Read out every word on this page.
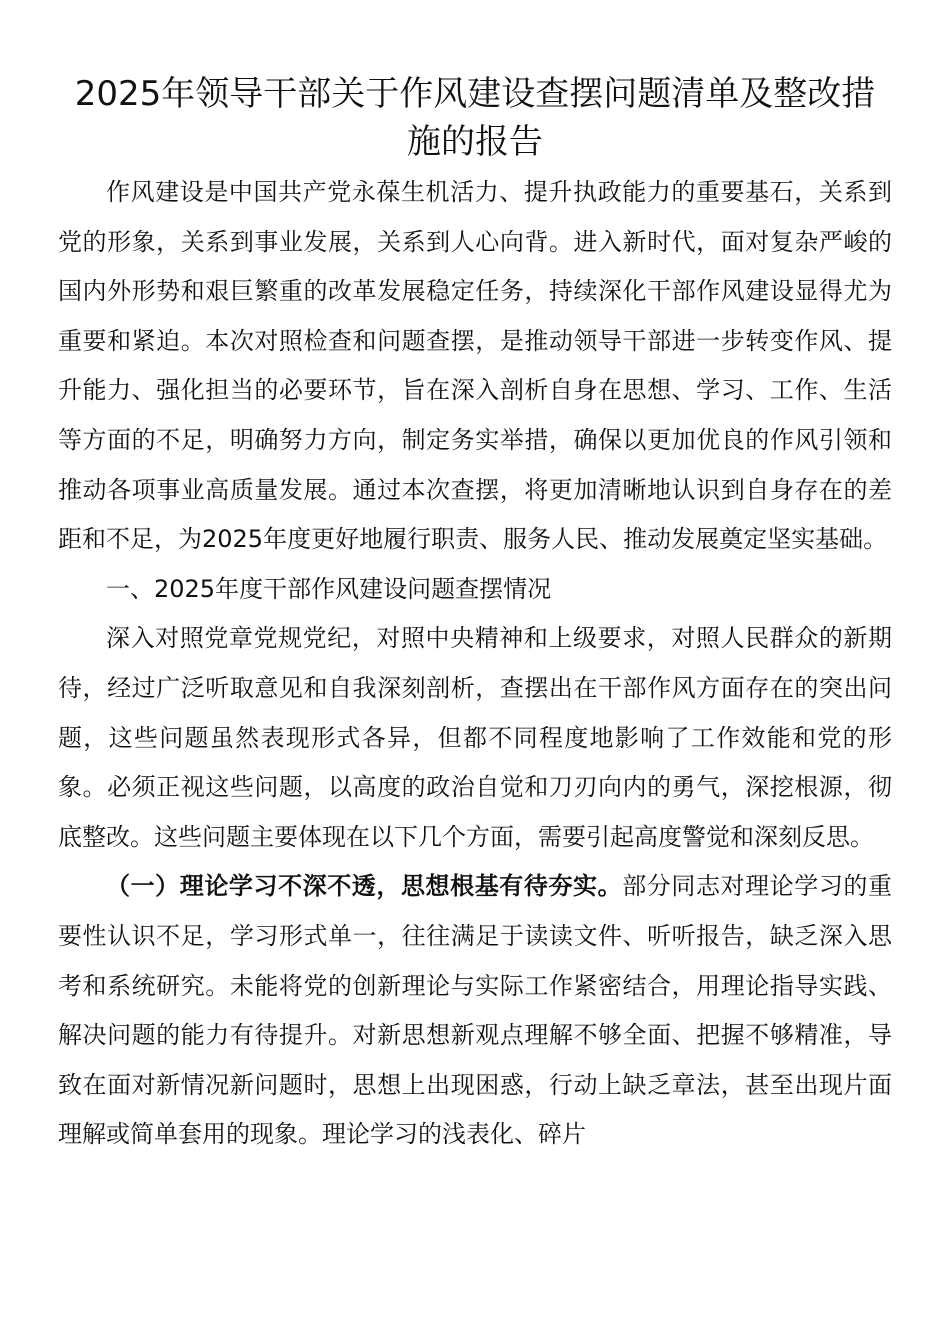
2025年领导干部关于作风建设查摆问题清单及整改措施的报告

作风建设是中国共产党永葆生机活力、提升执政能力的重要基石，关系到党的形象，关系到事业发展，关系到人心向背。进入新时代，面对复杂严峻的国内外形势和艰巨繁重的改革发展稳定任务，持续深化干部作风建设显得尤为重要和紧迫。本次对照检查和问题查摆，是推动领导干部进一步转变作风、提升能力、强化担当的必要环节，旨在深入剖析自身在思想、学习、工作、生活等方面的不足，明确努力方向，制定务实举措，确保以更加优良的作风引领和推动各项事业高质量发展。通过本次查摆，将更加清晰地认识到自身存在的差距和不足，为2025年度更好地履行职责、服务人民、推动发展奠定坚实基础。

一、2025年度干部作风建设问题查摆情况

深入对照党章党规党纪，对照中央精神和上级要求，对照人民群众的新期待，经过广泛听取意见和自我深刻剖析，查摆出在干部作风方面存在的突出问题，这些问题虽然表现形式各异，但都不同程度地影响了工作效能和党的形象。必须正视这些问题，以高度的政治自觉和刀刃向内的勇气，深挖根源，彻底整改。这些问题主要体现在以下几个方面，需要引起高度警觉和深刻反思。

（一）理论学习不深不透，思想根基有待夯实。部分同志对理论学习的重要性认识不足，学习形式单一，往往满足于读读文件、听听报告，缺乏深入思考和系统研究。未能将党的创新理论与实际工作紧密结合，用理论指导实践、解决问题的能力有待提升。对新思想新观点理解不够全面、把握不够精准，导致在面对新情况新问题时，思想上出现困惑，行动上缺乏章法，甚至出现片面理解或简单套用的现象。理论学习的浅表化、碎片
